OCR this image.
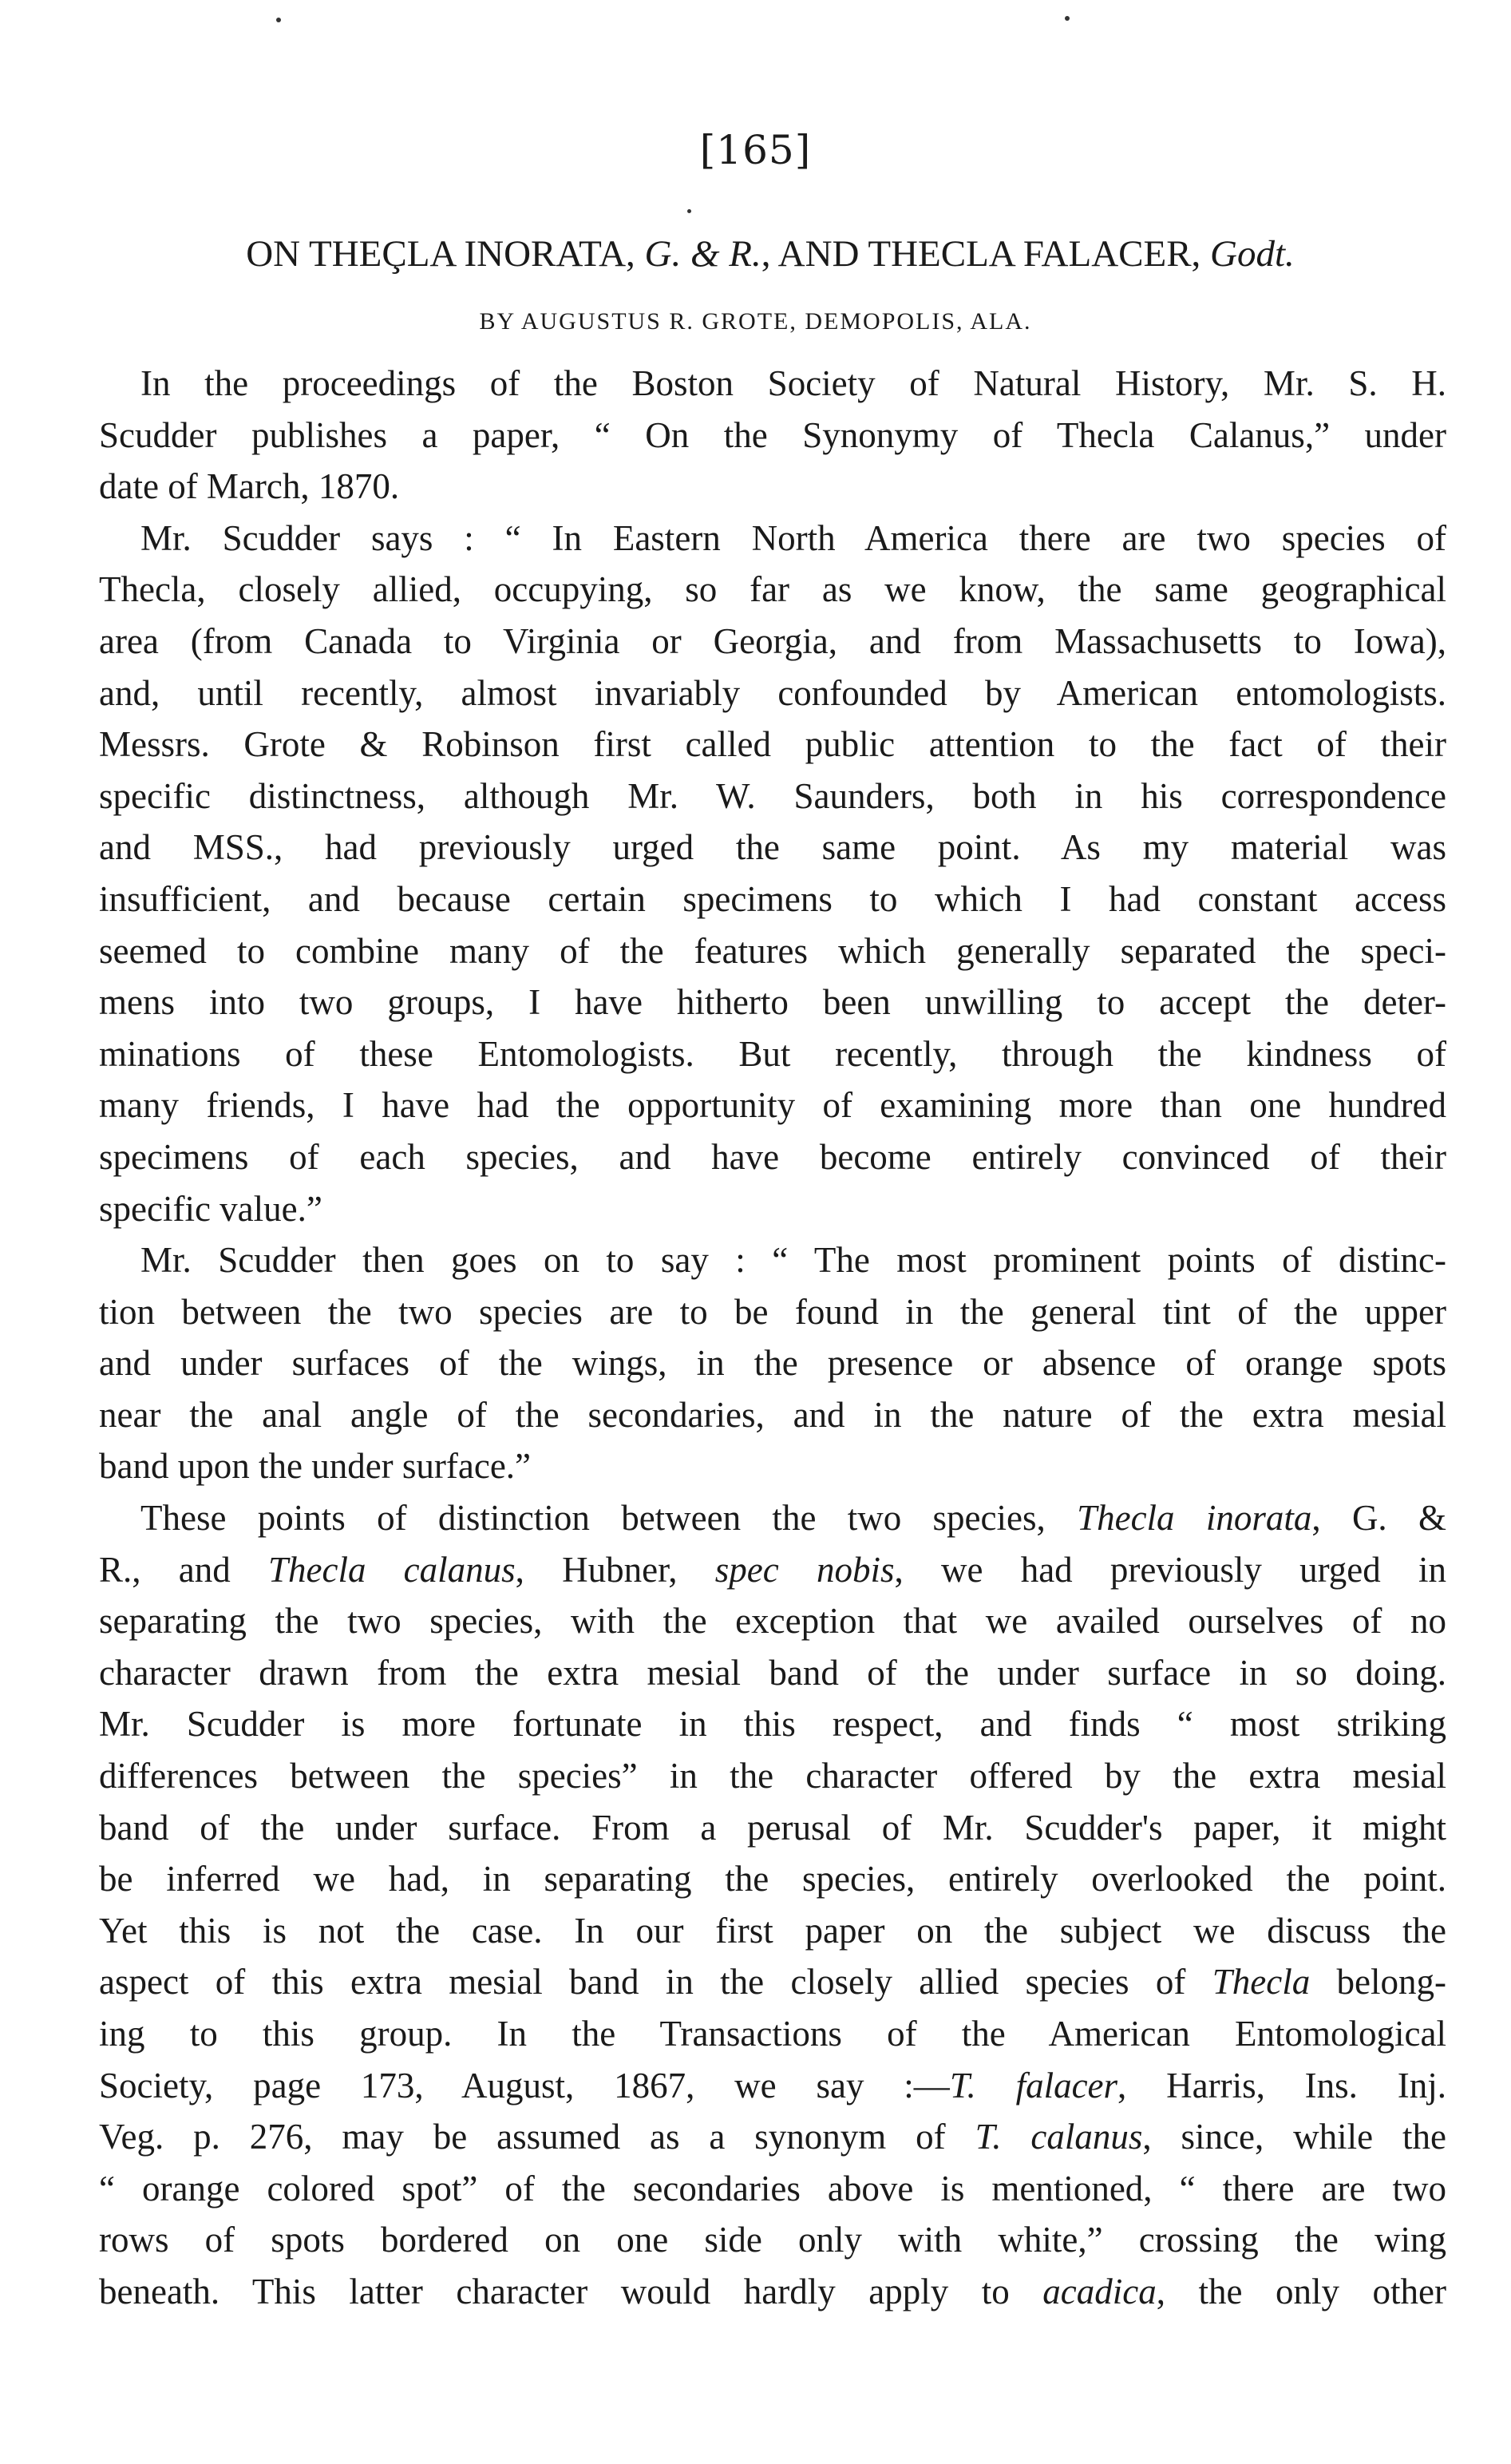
[165]
ON THEÇLA INORATA, G. & R., AND THECLA FALACER, Godt.
BY AUGUSTUS R. GROTE, DEMOPOLIS, ALA.
In the proceedings of the Boston Society of Natural History, Mr. S. H.
Scudder publishes a paper, “ On the Synonymy of Thecla Calanus,” under
date of March, 1870.
Mr. Scudder says : “ In Eastern North America there are two species of
Thecla, closely allied, occupying, so far as we know, the same geographical
area (from Canada to Virginia or Georgia, and from Massachusetts to Iowa),
and, until recently, almost invariably confounded by American entomologists.
Messrs. Grote & Robinson first called public attention to the fact of their
specific distinctness, although Mr. W. Saunders, both in his correspondence
and MSS., had previously urged the same point. As my material was
insufficient, and because certain specimens to which I had constant access
seemed to combine many of the features which generally separated the speci-
mens into two groups, I have hitherto been unwilling to accept the deter-
minations of these Entomologists. But recently, through the kindness of
many friends, I have had the opportunity of examining more than one hundred
specimens of each species, and have become entirely convinced of their
specific value.”
Mr. Scudder then goes on to say : “ The most prominent points of distinc-
tion between the two species are to be found in the general tint of the upper
and under surfaces of the wings, in the presence or absence of orange spots
near the anal angle of the secondaries, and in the nature of the extra mesial
band upon the under surface.”
These points of distinction between the two species, Thecla inorata, G. &
R., and Thecla calanus, Hubner, spec nobis, we had previously urged in
separating the two species, with the exception that we availed ourselves of no
character drawn from the extra mesial band of the under surface in so doing.
Mr. Scudder is more fortunate in this respect, and finds “ most striking
differences between the species” in the character offered by the extra mesial
band of the under surface. From a perusal of Mr. Scudder's paper, it might
be inferred we had, in separating the species, entirely overlooked the point.
Yet this is not the case. In our first paper on the subject we discuss the
aspect of this extra mesial band in the closely allied species of Thecla belong-
ing to this group. In the Transactions of the American Entomological
Society, page 173, August, 1867, we say :—T. falacer, Harris, Ins. Inj.
Veg. p. 276, may be assumed as a synonym of T. calanus, since, while the
“ orange colored spot” of the secondaries above is mentioned, “ there are two
rows of spots bordered on one side only with white,” crossing the wing
beneath. This latter character would hardly apply to acadica, the only other
